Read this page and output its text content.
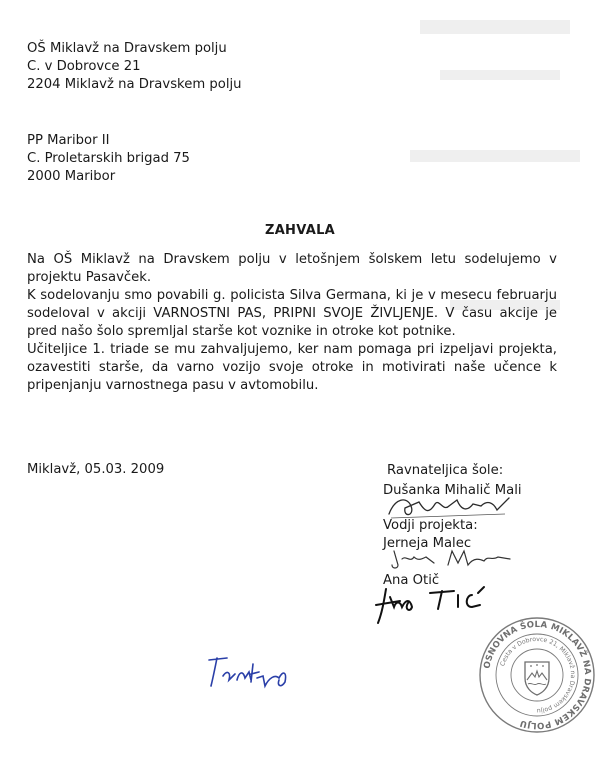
OŠ Miklavž na Dravskem polju
C. v Dobrovce 21
2204 Miklavž na Dravskem polju
PP Maribor II
C. Proletarskih brigad 75
2000 Maribor
ZAHVALA

Na OŠ Miklavž na Dravskem polju v letošnjem šolskem letu sodelujemo v projektu Pasavček.

K sodelovanju smo povabili g. policista Silva Germana, ki je v mesecu februarju sodeloval v akciji VARNOSTNI PAS, PRIPNI SVOJE ŽIVLJENJE. V času akcije je pred našo šolo spremljal starše kot voznike in otroke kot potnike.

Učiteljice 1. triade se mu zahvaljujemo, ker nam pomaga pri izpeljavi projekta, ozavestiti starše, da varno vozijo svoje otroke in motivirati naše učence k pripenjanju varnostnega pasu v avtomobilu.

Miklavž, 05.03. 2009	Ravnateljica šole:
Dušanka Mihalič Mali
Vodji projekta:
Jerneja Malec
Ana Otič
OSNOVNA ŠOLA MIKLAVŽ NA DRAVSKEM POLJU
Cesta v Dobrovce 21, Miklavž na Dravskem polju
